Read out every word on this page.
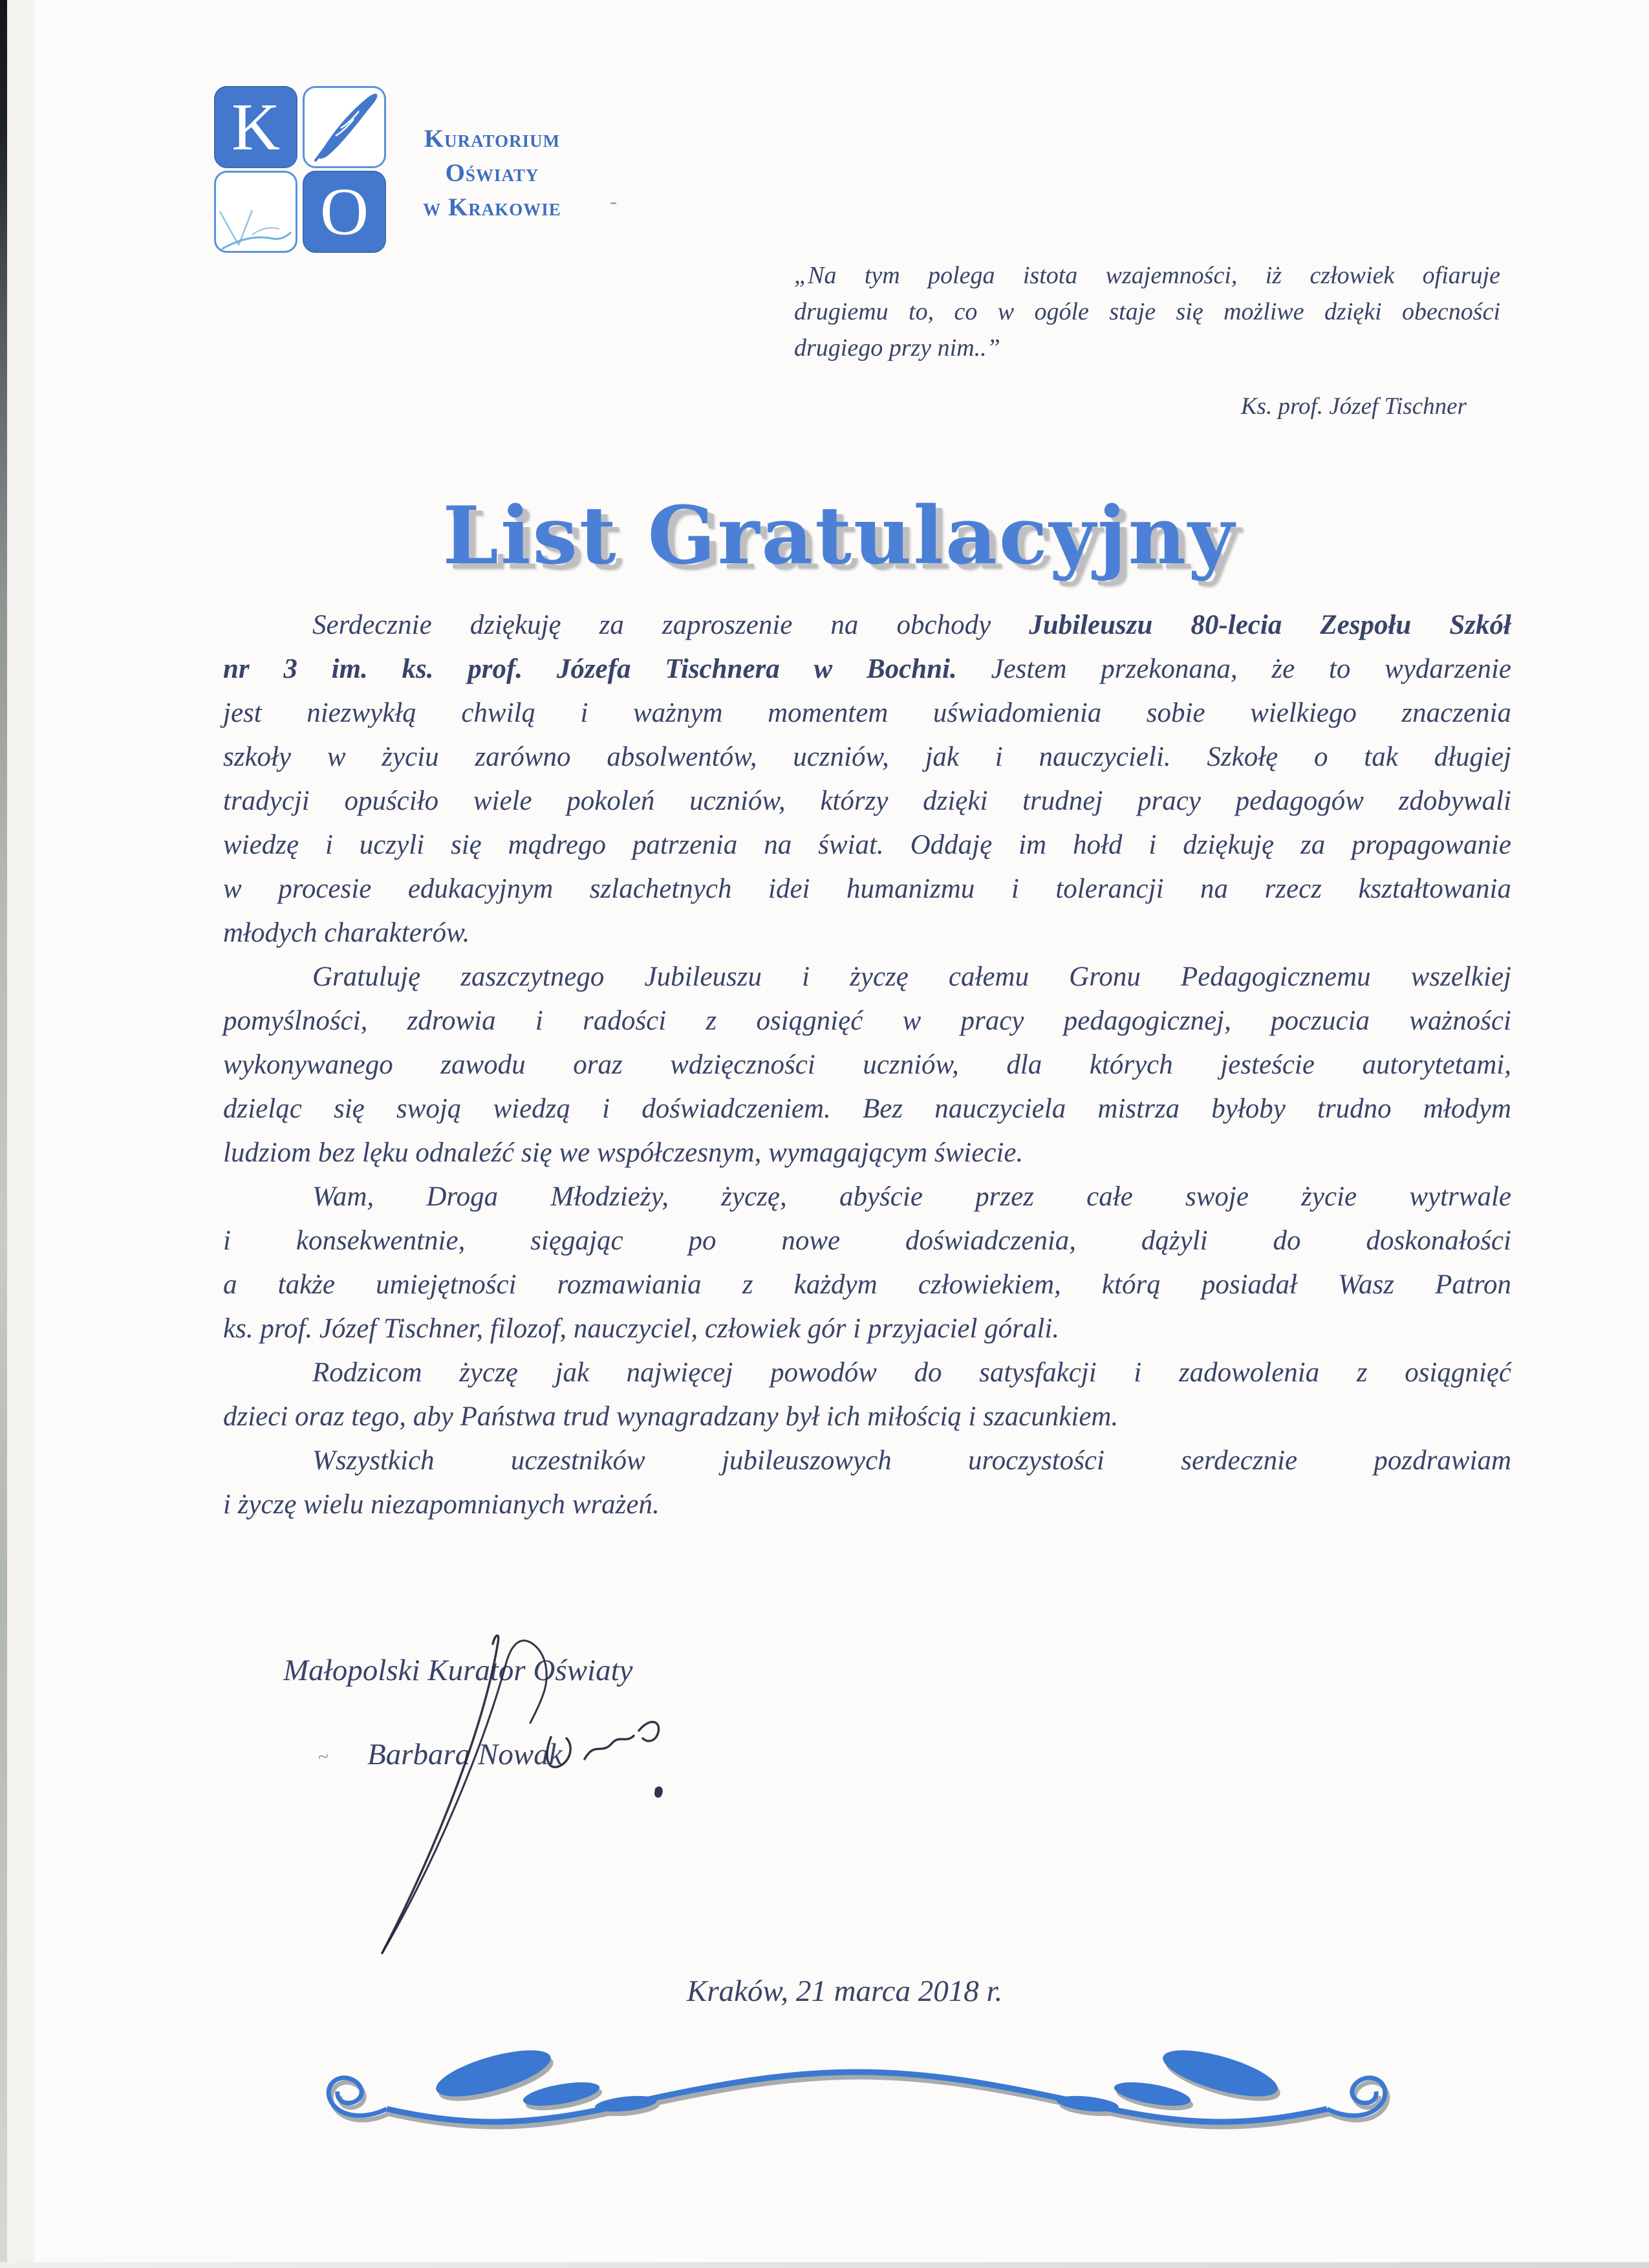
K
O
Kuratorium
Oświaty
w Krakowie	-
„Na tym polega istota wzajemności, iż człowiek ofiaruje
drugiemu to, co w ogóle staje się możliwe dzięki obecności
drugiego przy nim..”
Ks. prof. Józef Tischner
List Gratulacyjny
Serdecznie dziękuję za zaproszenie na obchody Jubileuszu 80-lecia Zespołu Szkół
nr 3 im. ks. prof. Józefa Tischnera w Bochni. Jestem przekonana, że to wydarzenie
jest niezwykłą chwilą i ważnym momentem uświadomienia sobie wielkiego znaczenia
szkoły w życiu zarówno absolwentów, uczniów, jak i nauczycieli. Szkołę o tak długiej
tradycji opuściło wiele pokoleń uczniów, którzy dzięki trudnej pracy pedagogów zdobywali
wiedzę i uczyli się mądrego patrzenia na świat. Oddaję im hołd i dziękuję za propagowanie
w procesie edukacyjnym szlachetnych idei humanizmu i tolerancji na rzecz kształtowania
młodych charakterów.
Gratuluję zaszczytnego Jubileuszu i życzę całemu Gronu Pedagogicznemu wszelkiej
pomyślności, zdrowia i radości z osiągnięć w pracy pedagogicznej, poczucia ważności
wykonywanego zawodu oraz wdzięczności uczniów, dla których jesteście autorytetami,
dzieląc się swoją wiedzą i doświadczeniem. Bez nauczyciela mistrza byłoby trudno młodym
ludziom bez lęku odnaleźć się we współczesnym, wymagającym świecie.
Wam, Droga Młodzieży, życzę, abyście przez całe swoje życie wytrwale
i konsekwentnie, sięgając po nowe doświadczenia, dążyli do doskonałości
a także umiejętności rozmawiania z każdym człowiekiem, którą posiadał Wasz Patron
ks. prof. Józef Tischner, filozof, nauczyciel, człowiek gór i przyjaciel górali.
Rodzicom życzę jak najwięcej powodów do satysfakcji i zadowolenia z osiągnięć
dzieci oraz tego, aby Państwa trud wynagradzany był ich miłością i szacunkiem.
Wszystkich uczestników jubileuszowych uroczystości serdecznie pozdrawiam
i życzę wielu niezapomnianych wrażeń.
Małopolski Kurator Oświaty
~ Barbara Nowak
Kraków, 21 marca 2018 r.
